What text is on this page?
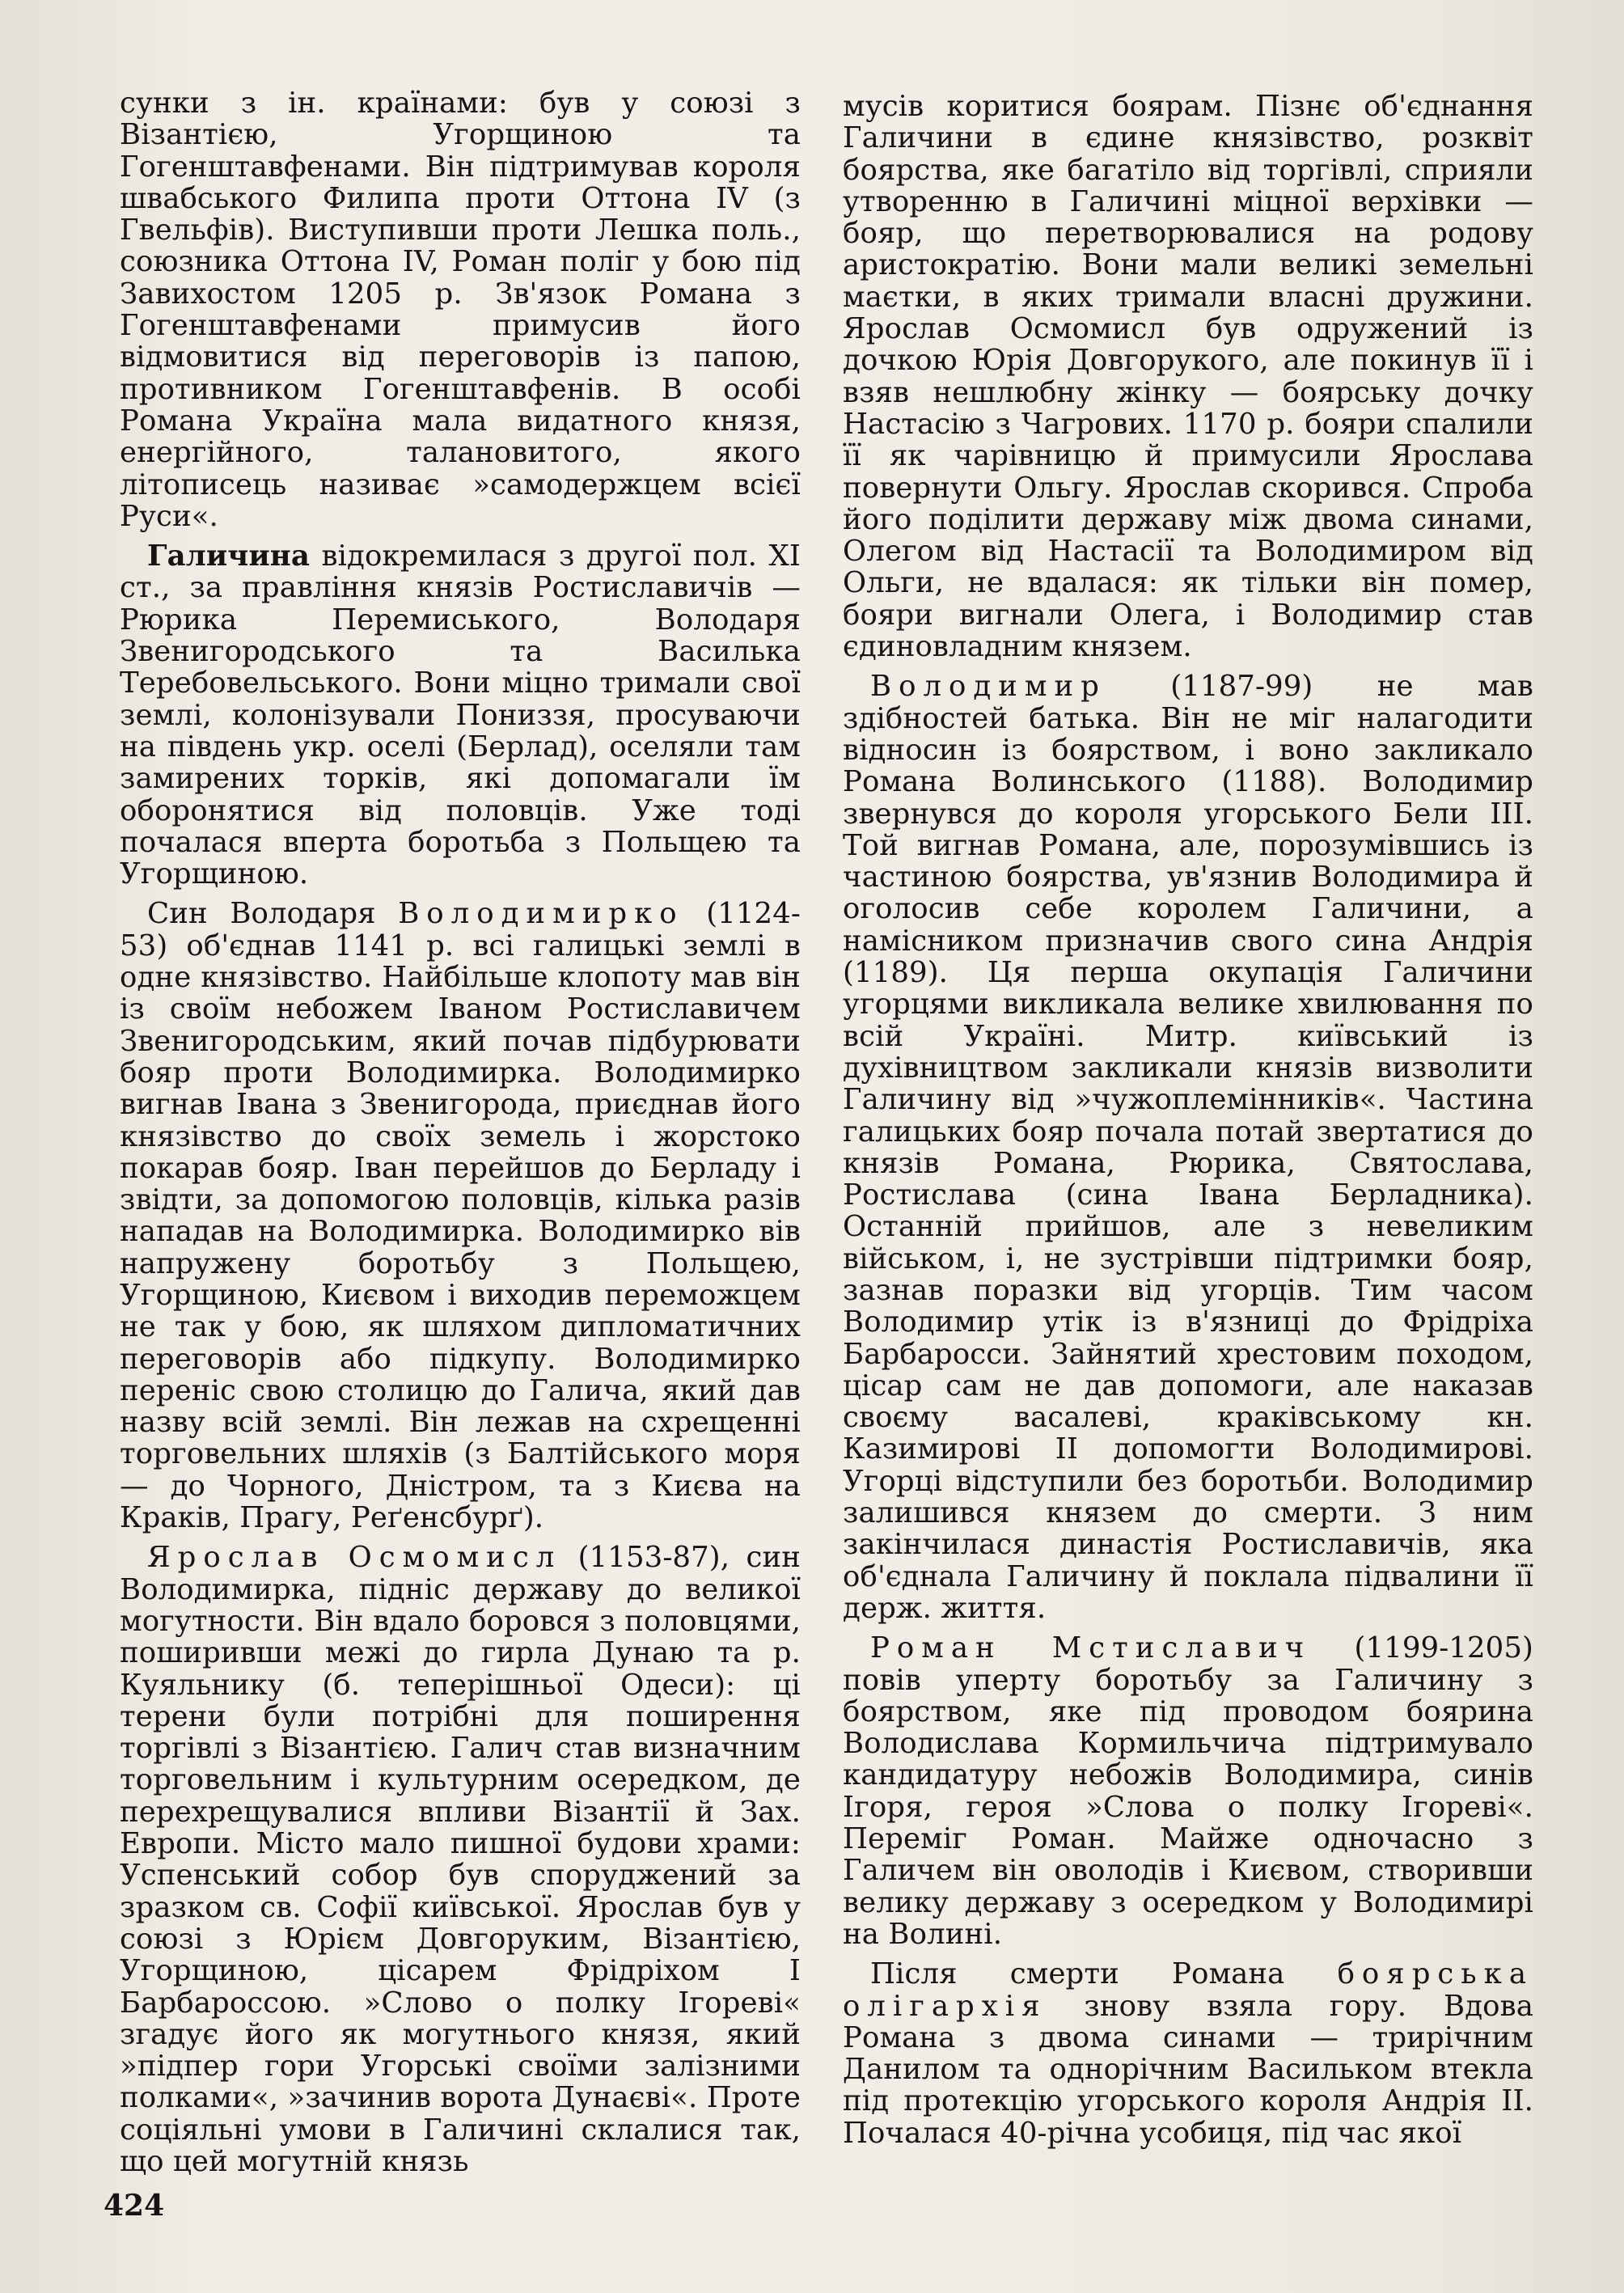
сунки з ін. країнами: був у союзі з Візантією, Угорщиною та Гогенштавфенами. Він підтримував короля швабського Филипа проти Оттона IV (з Гвельфів). Виступивши проти Лешка поль., союзника Оттона IV, Роман поліг у бою під Завихостом 1205 р. Зв'язок Романа з Гогенштавфенами примусив його відмовитися від переговорів із папою, противником Гогенштавфенів. В особі Романа Україна мала видатного князя, енергійного, талановитого, якого літописець називає »самодержцем всієї Руси«.

Галичина відокремилася з другої пол. XI ст., за правління князів Ростиславичів — Рюрика Перемиського, Володаря Звенигородського та Василька Теребовельського. Вони міцно тримали свої землі, колонізували Пониззя, просуваючи на південь укр. оселі (Берлад), оселяли там замирених торків, які допомагали їм оборонятися від половців. Уже тоді почалася вперта боротьба з Польщею та Угорщиною.

Син Володаря Володимирко (1124-53) об'єднав 1141 р. всі галицькі землі в одне князівство. Найбільше клопоту мав він із своїм небожем Іваном Ростиславичем Звенигородським, який почав підбурювати бояр проти Володимирка. Володимирко вигнав Івана з Звенигорода, приєднав його князівство до своїх земель і жорстоко покарав бояр. Іван перейшов до Берладу і звідти, за допомогою половців, кілька разів нападав на Володимирка. Володимирко вів напружену боротьбу з Польщею, Угорщиною, Києвом і виходив переможцем не так у бою, як шляхом дипломатичних переговорів або підкупу. Володимирко переніс свою столицю до Галича, який дав назву всій землі. Він лежав на схрещенні торговельних шляхів (з Балтійського моря — до Чорного, Дністром, та з Києва на Краків, Прагу, Реґенсбурґ).

Ярослав Осмомисл (1153-87), син Володимирка, підніс державу до великої могутности. Він вдало боровся з половцями, поширивши межі до гирла Дунаю та р. Куяльнику (б. теперішньої Одеси): ці терени були потрібні для поширення торгівлі з Візантією. Галич став визначним торговельним і культурним осередком, де перехрещувалися впливи Візантії й Зах. Европи. Місто мало пишної будови храми: Успенський собор був споруджений за зразком св. Софії київської. Ярослав був у союзі з Юрієм Довгоруким, Візантією, Угорщиною, цісарем Фрідріхом І Барбароссою. »Слово о полку Ігореві« згадує його як могутнього князя, який »підпер гори Угорські своїми залізними полками«, »зачинив ворота Дунаєві«. Проте соціяльні умови в Галичині склалися так, що цей могутній князь

мусів коритися боярам. Пізнє об'єднання Галичини в єдине князівство, розквіт боярства, яке багатіло від торгівлі, сприяли утворенню в Галичині міцної верхівки — бояр, що перетворювалися на родову аристократію. Вони мали великі земельні маєтки, в яких тримали власні дружини. Ярослав Осмомисл був одружений із дочкою Юрія Довгорукого, але покинув її і взяв нешлюбну жінку — боярську дочку Настасію з Чагрових. 1170 р. бояри спалили її як чарівницю й примусили Ярослава повернути Ольгу. Ярослав скорився. Спроба його поділити державу між двома синами, Олегом від Настасії та Володимиром від Ольги, не вдалася: як тільки він помер, бояри вигнали Олега, і Володимир став єдиновладним князем.

Володимир (1187-99) не мав здібностей батька. Він не міг налагодити відносин із боярством, і воно закликало Романа Волинського (1188). Володимир звернувся до короля угорського Бели III. Той вигнав Романа, але, порозумівшись із частиною боярства, ув'язнив Володимира й оголосив себе королем Галичини, а намісником призначив свого сина Андрія (1189). Ця перша окупація Галичини угорцями викликала велике хвилювання по всій Україні. Митр. київський із духівництвом закликали князів визволити Галичину від »чужоплемінників«. Частина галицьких бояр почала потай звертатися до князів Романа, Рюрика, Святослава, Ростислава (сина Івана Берладника). Останній прийшов, але з невеликим військом, і, не зустрівши підтримки бояр, зазнав поразки від угорців. Тим часом Володимир утік із в'язниці до Фрідріха Барбаросси. Зайнятий хрестовим походом, цісар сам не дав допомоги, але наказав своєму васалеві, краківському кн. Казимирові II допомогти Володимирові. Угорці відступили без боротьби. Володимир залишився князем до смерти. З ним закінчилася династія Ростиславичів, яка об'єднала Галичину й поклала підвалини її держ. життя.

Роман Мстиславич (1199-1205) повів уперту боротьбу за Галичину з боярством, яке під проводом боярина Володислава Кормильчича підтримувало кандидатуру небожів Володимира, синів Ігоря, героя »Слова о полку Ігореві«. Переміг Роман. Майже одночасно з Галичем він оволодів і Києвом, створивши велику державу з осередком у Володимирі на Волині.

Після смерти Романа боярська олігархія знову взяла гору. Вдова Романа з двома синами — трирічним Данилом та однорічним Васильком втекла під протекцію угорського короля Андрія II. Почалася 40-річна усобиця, під час якої

424
